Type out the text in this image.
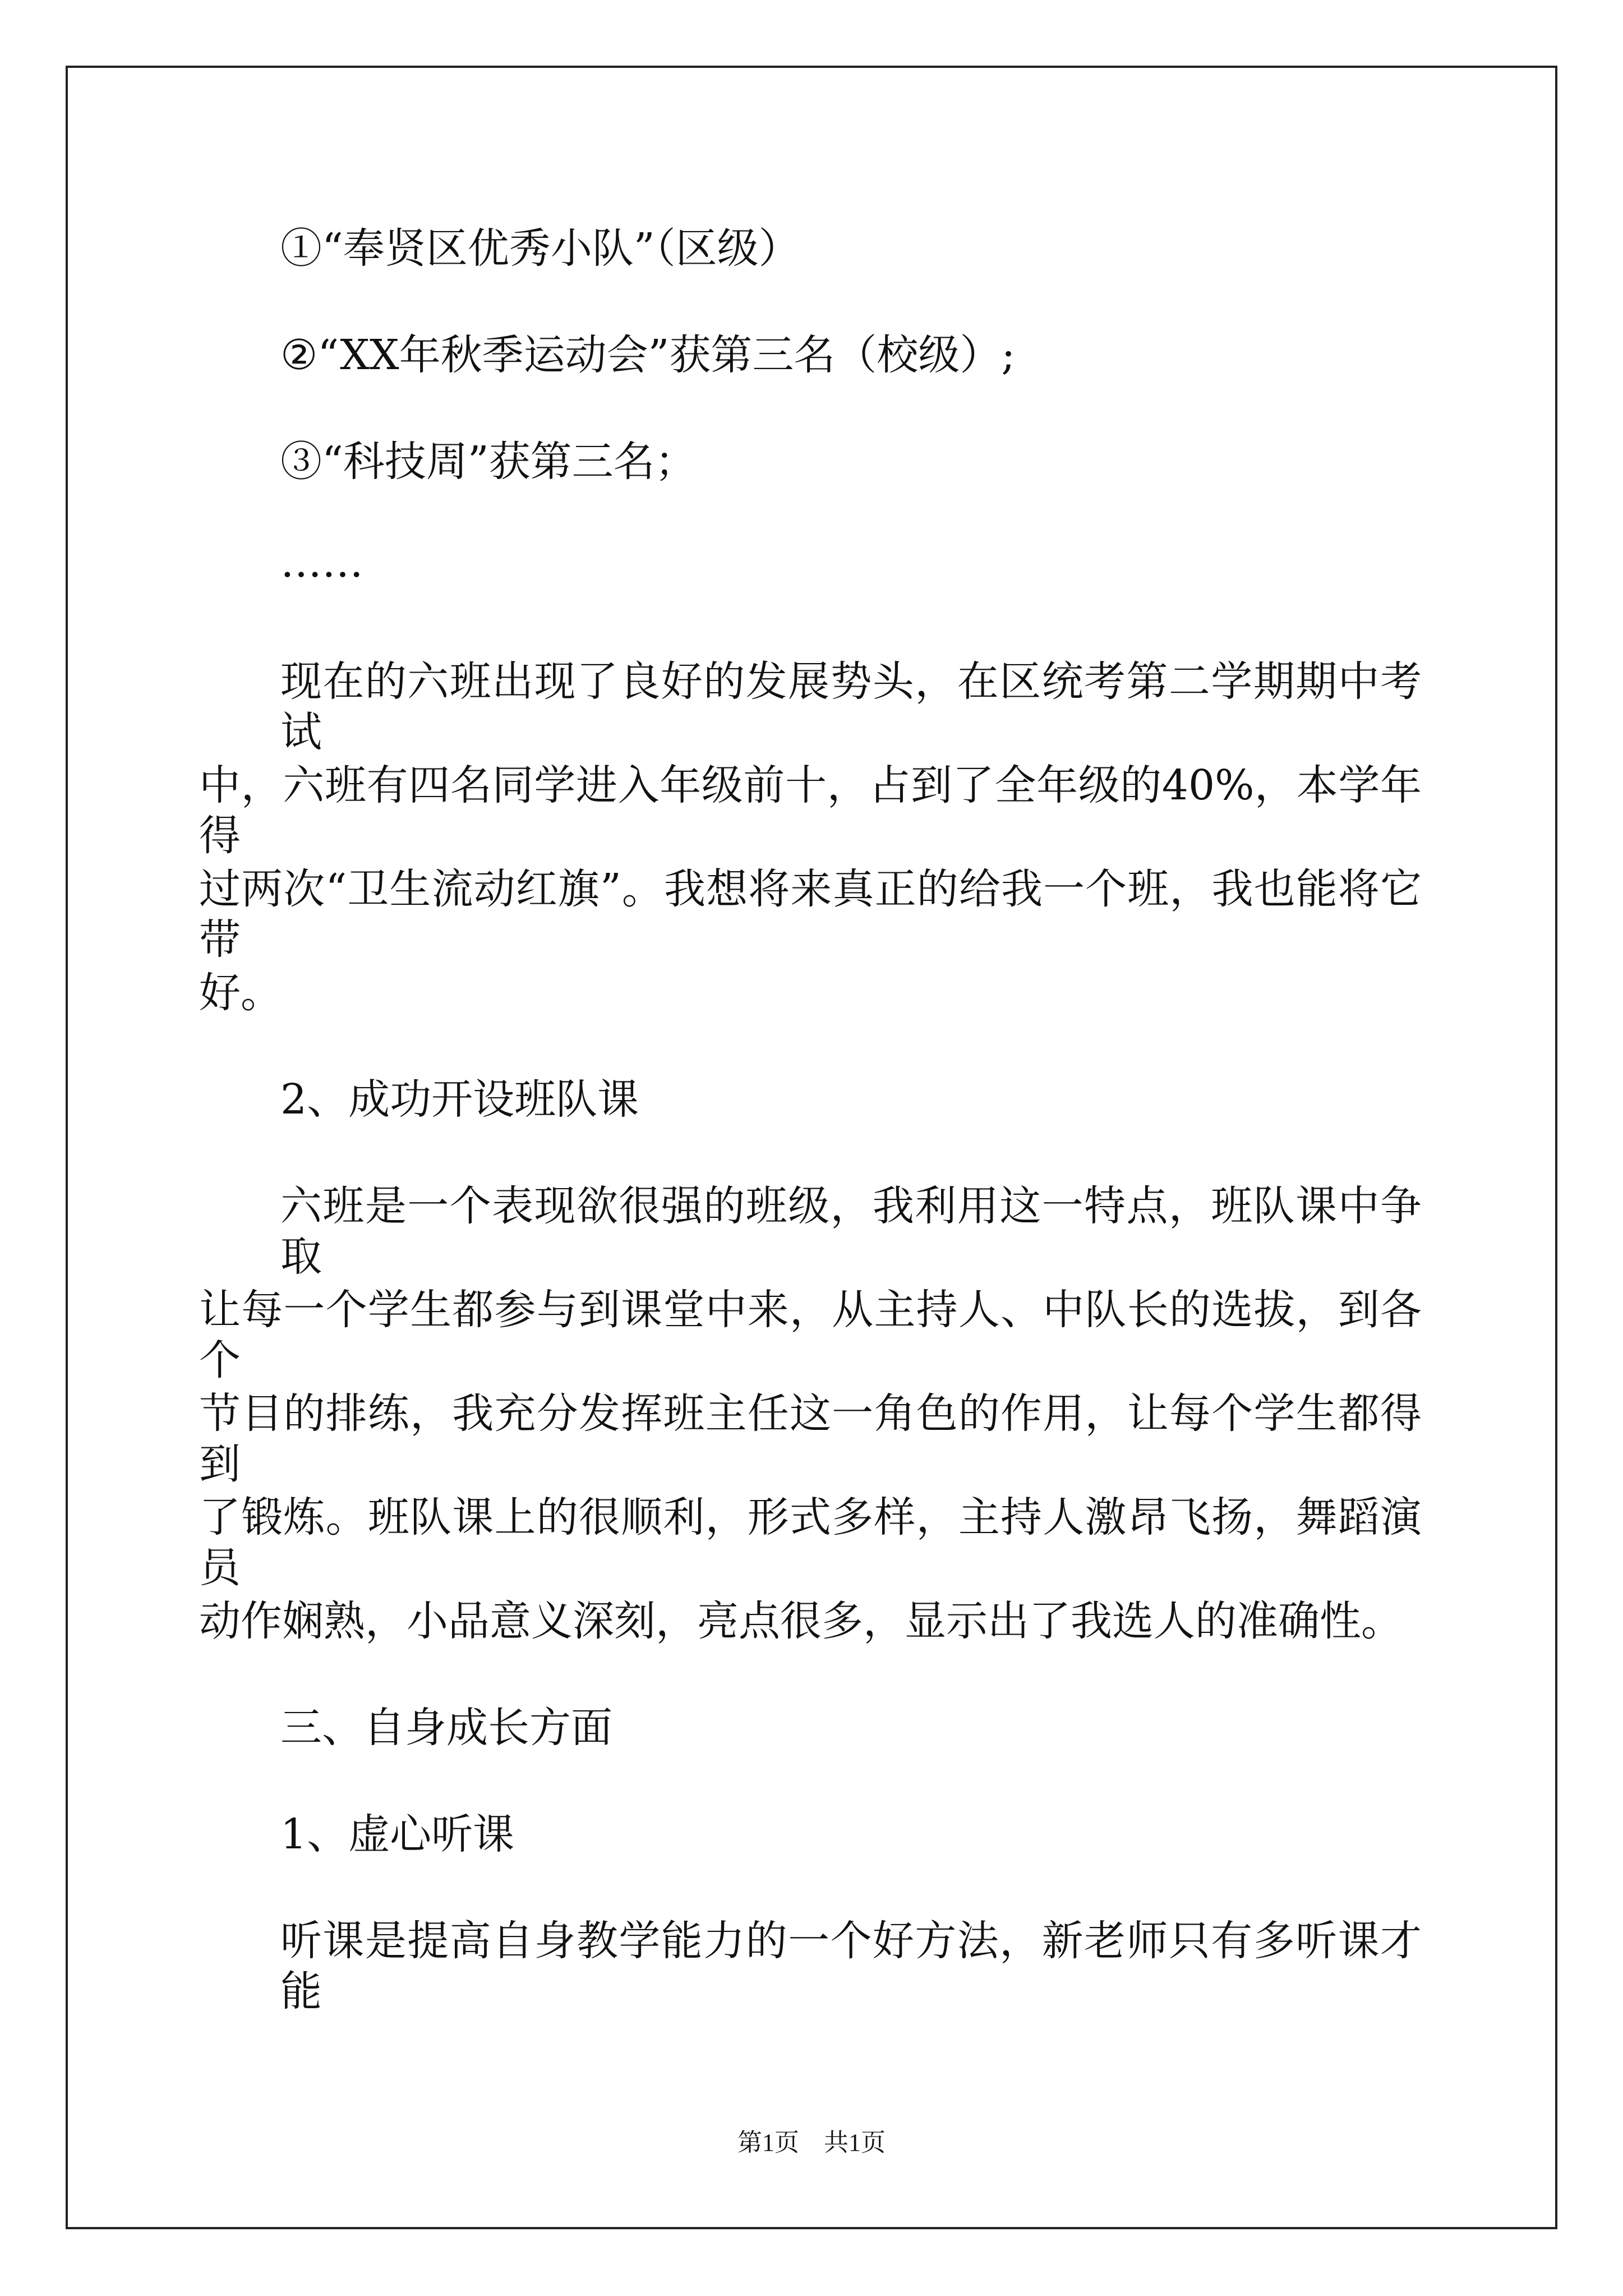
①“奉贤区优秀小队”（区级）
②“XX年秋季运动会”获第三名（校级）;
③“科技周”获第三名；
……
现在的六班出现了良好的发展势头，在区统考第二学期期中考试
中，六班有四名同学进入年级前十，占到了全年级的40%，本学年得
过两次“卫生流动红旗”。我想将来真正的给我一个班，我也能将它带
好。
2、成功开设班队课
六班是一个表现欲很强的班级，我利用这一特点，班队课中争取
让每一个学生都参与到课堂中来，从主持人、中队长的选拔，到各个
节目的排练，我充分发挥班主任这一角色的作用，让每个学生都得到
了锻炼。班队课上的很顺利，形式多样，主持人激昂飞扬，舞蹈演员
动作娴熟，小品意义深刻，亮点很多，显示出了我选人的准确性。
三、自身成长方面
1、虚心听课
听课是提高自身教学能力的一个好方法，新老师只有多听课才能
第1页　共1页
